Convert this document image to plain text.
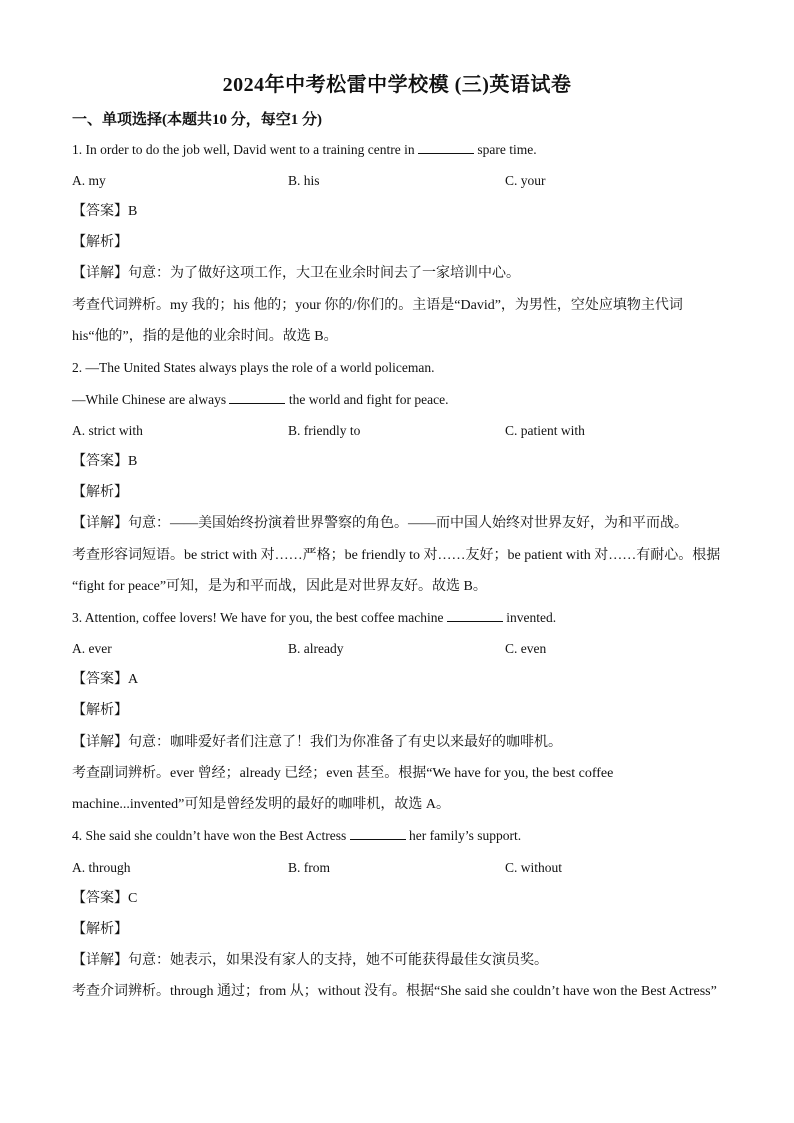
2024年中考松雷中学校模 (三)英语试卷
一、单项选择(本题共10 分，每空1 分)
1. In order to do the job well, David went to a training centre in	spare time.
A. my	B. his	C. your
【答案】B
【解析】
【详解】句意：为了做好这项工作，大卫在业余时间去了一家培训中心。
考查代词辨析。my 我的；his 他的；your 你的/你们的。主语是“David”，为男性，空处应填物主代词
his“他的”，指的是他的业余时间。故选 B。
2. —The United States always plays the role of a world policeman.
—While Chinese are always	the world and fight for peace.
A. strict with	B. friendly to	C. patient with
【答案】B
【解析】
【详解】句意：——美国始终扮演着世界警察的角色。——而中国人始终对世界友好，为和平而战。
考查形容词短语。be strict with 对……严格；be friendly to 对……友好；be patient with 对……有耐心。根据
“fight for peace”可知，是为和平而战，因此是对世界友好。故选 B。
3. Attention, coffee lovers! We have for you, the best coffee machine	invented.
A. ever	B. already	C. even
【答案】A
【解析】
【详解】句意：咖啡爱好者们注意了！我们为你准备了有史以来最好的咖啡机。
考查副词辨析。ever 曾经；already 已经；even 甚至。根据“We have for you, the best coffee
machine...invented”可知是曾经发明的最好的咖啡机，故选 A。
4. She said she couldn’t have won the Best Actress	her family’s support.
A. through	B. from	C. without
【答案】C
【解析】
【详解】句意：她表示，如果没有家人的支持，她不可能获得最佳女演员奖。
考查介词辨析。through 通过；from 从；without 没有。根据“She said she couldn’t have won the Best Actress”
